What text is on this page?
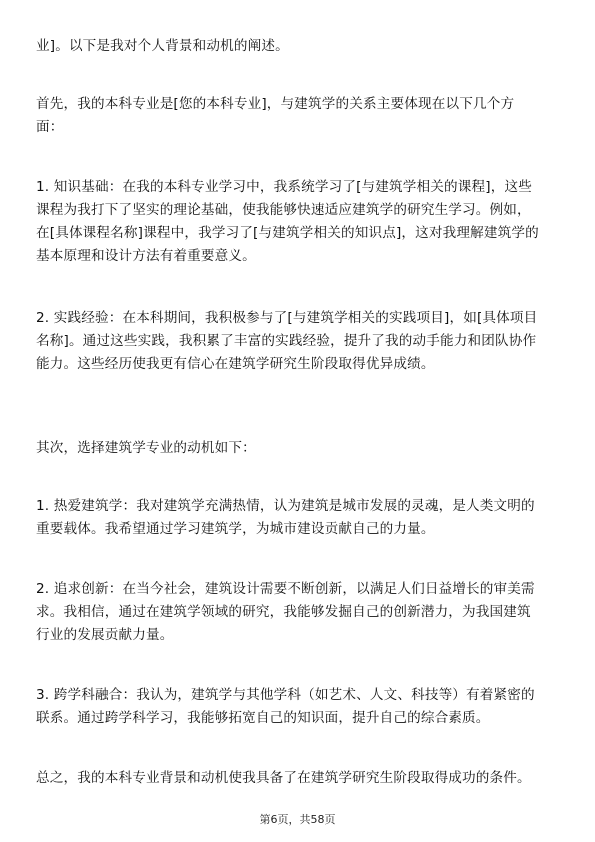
业]。以下是我对个人背景和动机的阐述。

首先，我的本科专业是[您的本科专业]，与建筑学的关系主要体现在以下几个方
面：

1. 知识基础：在我的本科专业学习中，我系统学习了[与建筑学相关的课程]，这些
课程为我打下了坚实的理论基础，使我能够快速适应建筑学的研究生学习。例如，
在[具体课程名称]课程中，我学习了[与建筑学相关的知识点]，这对我理解建筑学的
基本原理和设计方法有着重要意义。

2. 实践经验：在本科期间，我积极参与了[与建筑学相关的实践项目]，如[具体项目
名称]。通过这些实践，我积累了丰富的实践经验，提升了我的动手能力和团队协作
能力。这些经历使我更有信心在建筑学研究生阶段取得优异成绩。

其次，选择建筑学专业的动机如下：

1. 热爱建筑学：我对建筑学充满热情，认为建筑是城市发展的灵魂，是人类文明的
重要载体。我希望通过学习建筑学，为城市建设贡献自己的力量。

2. 追求创新：在当今社会，建筑设计需要不断创新，以满足人们日益增长的审美需
求。我相信，通过在建筑学领域的研究，我能够发掘自己的创新潜力，为我国建筑
行业的发展贡献力量。

3. 跨学科融合：我认为，建筑学与其他学科（如艺术、人文、科技等）有着紧密的
联系。通过跨学科学习，我能够拓宽自己的知识面，提升自己的综合素质。

总之，我的本科专业背景和动机使我具备了在建筑学研究生阶段取得成功的条件。

第6页，共58页
